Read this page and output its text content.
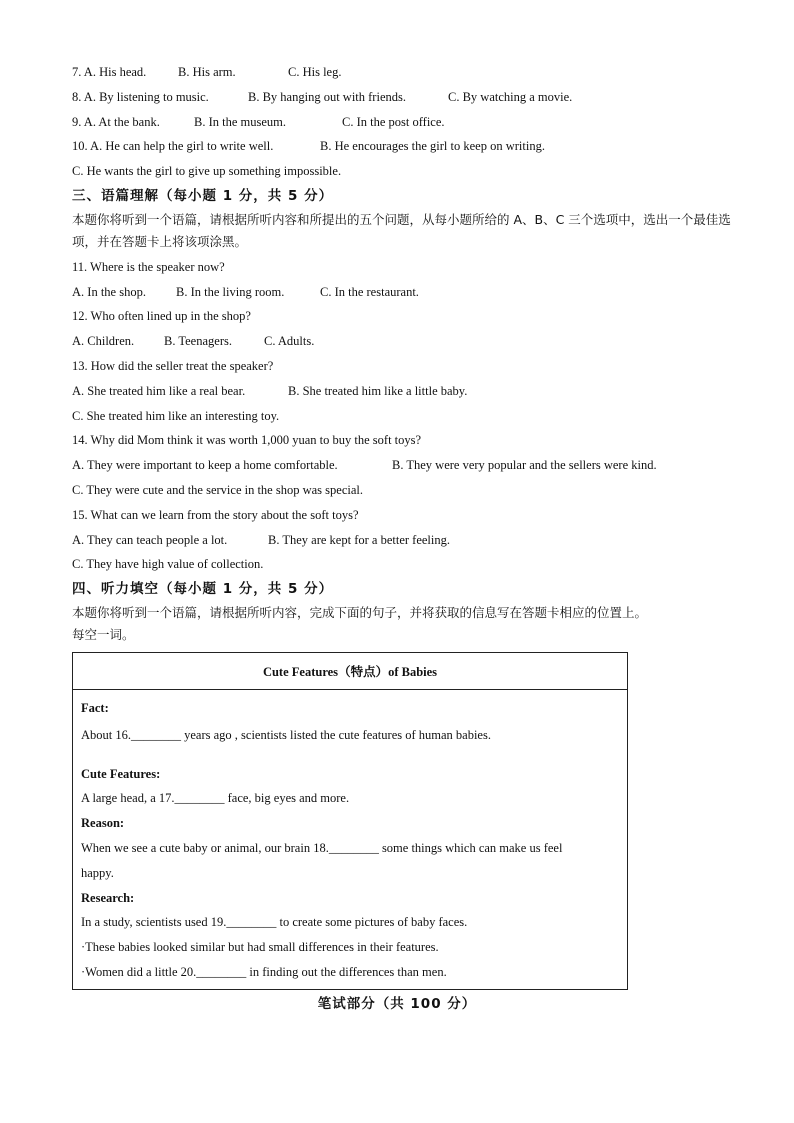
7. A. His head.	B. His arm.	C. His leg.
8. A. By listening to music.	B. By hanging out with friends.	C. By watching a movie.
9. A. At the bank.	B. In the museum.	C. In the post office.
10. A. He can help the girl to write well.	B. He encourages the girl to keep on writing.
C. He wants the girl to give up something impossible.
三、语篇理解（每小题 1 分，共 5 分）
本题你将听到一个语篇，请根据所听内容和所提出的五个问题，从每小题所给的 A、B、C 三个选项中，选出一个最佳选项，并在答题卡上将该项涂黑。
11. Where is the speaker now?
A. In the shop. B. In the living room.	C. In the restaurant.
12. Who often lined up in the shop?
A. Children. B. Teenagers.	C. Adults.
13. How did the seller treat the speaker?
A. She treated him like a real bear.	B. She treated him like a little baby.
C. She treated him like an interesting toy.
14. Why did Mom think it was worth 1,000 yuan to buy the soft toys?
A. They were important to keep a home comfortable.	B. They were very popular and the sellers were kind.
C. They were cute and the service in the shop was special.
15. What can we learn from the story about the soft toys?
A. They can teach people a lot.	B. They are kept for a better feeling.
C. They have high value of collection.
四、听力填空（每小题 1 分，共 5 分）
本题你将听到一个语篇，请根据所听内容，完成下面的句子，并将获取的信息写在答题卡相应的位置上。
每空一词。
Cute Features（特点）of Babies
Fact:
About 16.________ years ago , scientists listed the cute features of human babies.
Cute Features:
A large head, a 17.________ face, big eyes and more.
Reason:
When we see a cute baby or animal, our brain 18.________ some things which can make us feel
happy.
Research:
In a study, scientists used 19.________ to create some pictures of baby faces.
·These babies looked similar but had small differences in their features.
·Women did a little 20.________ in finding out the differences than men.
笔试部分（共 100 分）
